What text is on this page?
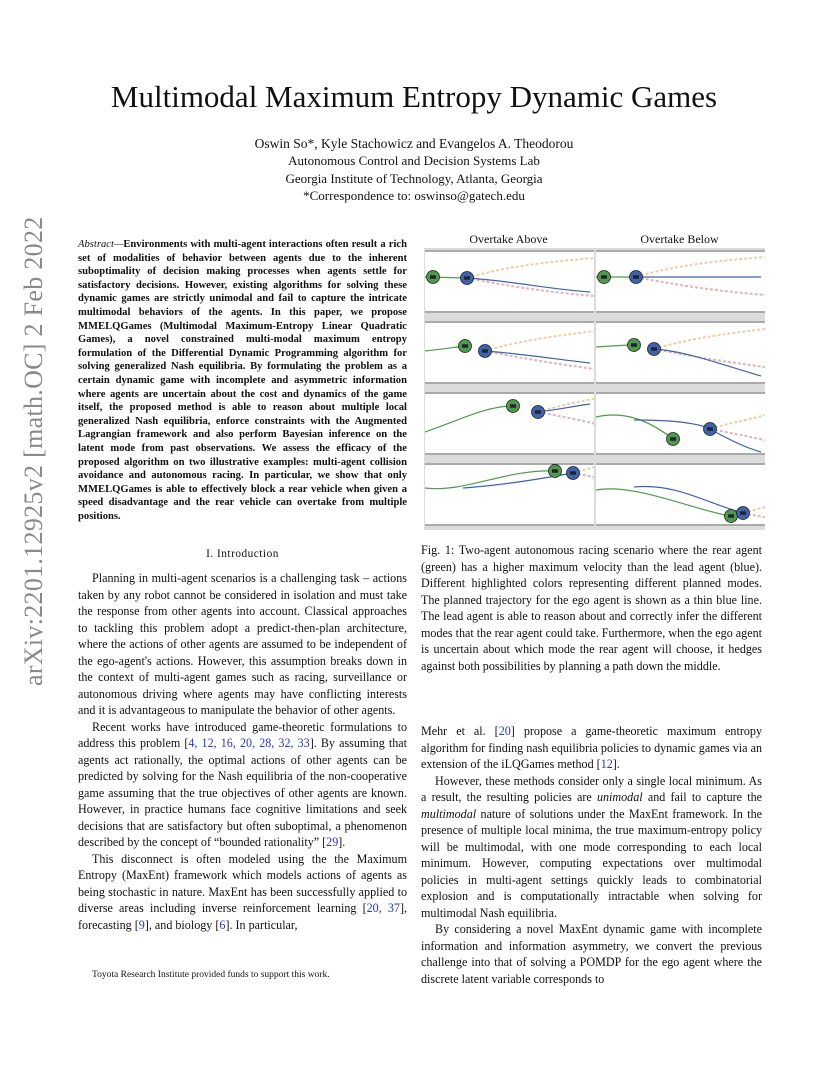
arXiv:2201.12925v2 [math.OC] 2 Feb 2022
Multimodal Maximum Entropy Dynamic Games
Oswin So*, Kyle Stachowicz and Evangelos A. Theodorou
Autonomous Control and Decision Systems Lab
Georgia Institute of Technology, Atlanta, Georgia
*Correspondence to: oswinso@gatech.edu
Abstract—Environments with multi-agent interactions often result a rich set of modalities of behavior between agents due to the inherent suboptimality of decision making processes when agents settle for satisfactory decisions. However, existing algorithms for solving these dynamic games are strictly unimodal and fail to capture the intricate multimodal behaviors of the agents. In this paper, we propose MMELQGames (Multimodal Maximum-Entropy Linear Quadratic Games), a novel constrained multi-modal maximum entropy formulation of the Differential Dynamic Programming algorithm for solving generalized Nash equilibria. By formulating the problem as a certain dynamic game with incomplete and asymmetric information where agents are uncertain about the cost and dynamics of the game itself, the proposed method is able to reason about multiple local generalized Nash equilibria, enforce constraints with the Augmented Lagrangian framework and also perform Bayesian inference on the latent mode from past observations. We assess the efficacy of the proposed algorithm on two illustrative examples: multi-agent collision avoidance and autonomous racing. In particular, we show that only MMELQGames is able to effectively block a rear vehicle when given a speed disadvantage and the rear vehicle can overtake from multiple positions.
I. Introduction

Planning in multi-agent scenarios is a challenging task – actions taken by any robot cannot be considered in isolation and must take the response from other agents into account. Classical approaches to tackling this problem adopt a predict-then-plan architecture, where the actions of other agents are assumed to be independent of the ego-agent's actions. However, this assumption breaks down in the context of multi-agent games such as racing, surveillance or autonomous driving where agents may have conflicting interests and it is advantageous to manipulate the behavior of other agents.

Recent works have introduced game-theoretic formulations to address this problem [4, 12, 16, 20, 28, 32, 33]. By assuming that agents act rationally, the optimal actions of other agents can be predicted by solving for the Nash equilibria of the non-cooperative game assuming that the true objectives of other agents are known. However, in practice humans face cognitive limitations and seek decisions that are satisfactory but often suboptimal, a phenomenon described by the concept of “bounded rationality” [29].

This disconnect is often modeled using the the Maximum Entropy (MaxEnt) framework which models actions of agents as being stochastic in nature. MaxEnt has been successfully applied to diverse areas including inverse reinforcement learning [20, 37], forecasting [9], and biology [6]. In particular,

Toyota Research Institute provided funds to support this work.
Overtake Above	Overtake Below
Fig. 1: Two-agent autonomous racing scenario where the rear agent (green) has a higher maximum velocity than the lead agent (blue). Different highlighted colors representing different planned modes. The planned trajectory for the ego agent is shown as a thin blue line. The lead agent is able to reason about and correctly infer the different modes that the rear agent could take. Furthermore, when the ego agent is uncertain about which mode the rear agent will choose, it hedges against both possibilities by planning a path down the middle.

Mehr et al. [20] propose a game-theoretic maximum entropy algorithm for finding nash equilibria policies to dynamic games via an extension of the iLQGames method [12].

However, these methods consider only a single local minimum. As a result, the resulting policies are unimodal and fail to capture the multimodal nature of solutions under the MaxEnt framework. In the presence of multiple local minima, the true maximum-entropy policy will be multimodal, with one mode corresponding to each local minimum. However, computing expectations over multimodal policies in multi-agent settings quickly leads to combinatorial explosion and is computationally intractable when solving for multimodal Nash equilibria.

By considering a novel MaxEnt dynamic game with incomplete information and information asymmetry, we convert the previous challenge into that of solving a POMDP for the ego agent where the discrete latent variable corresponds to
